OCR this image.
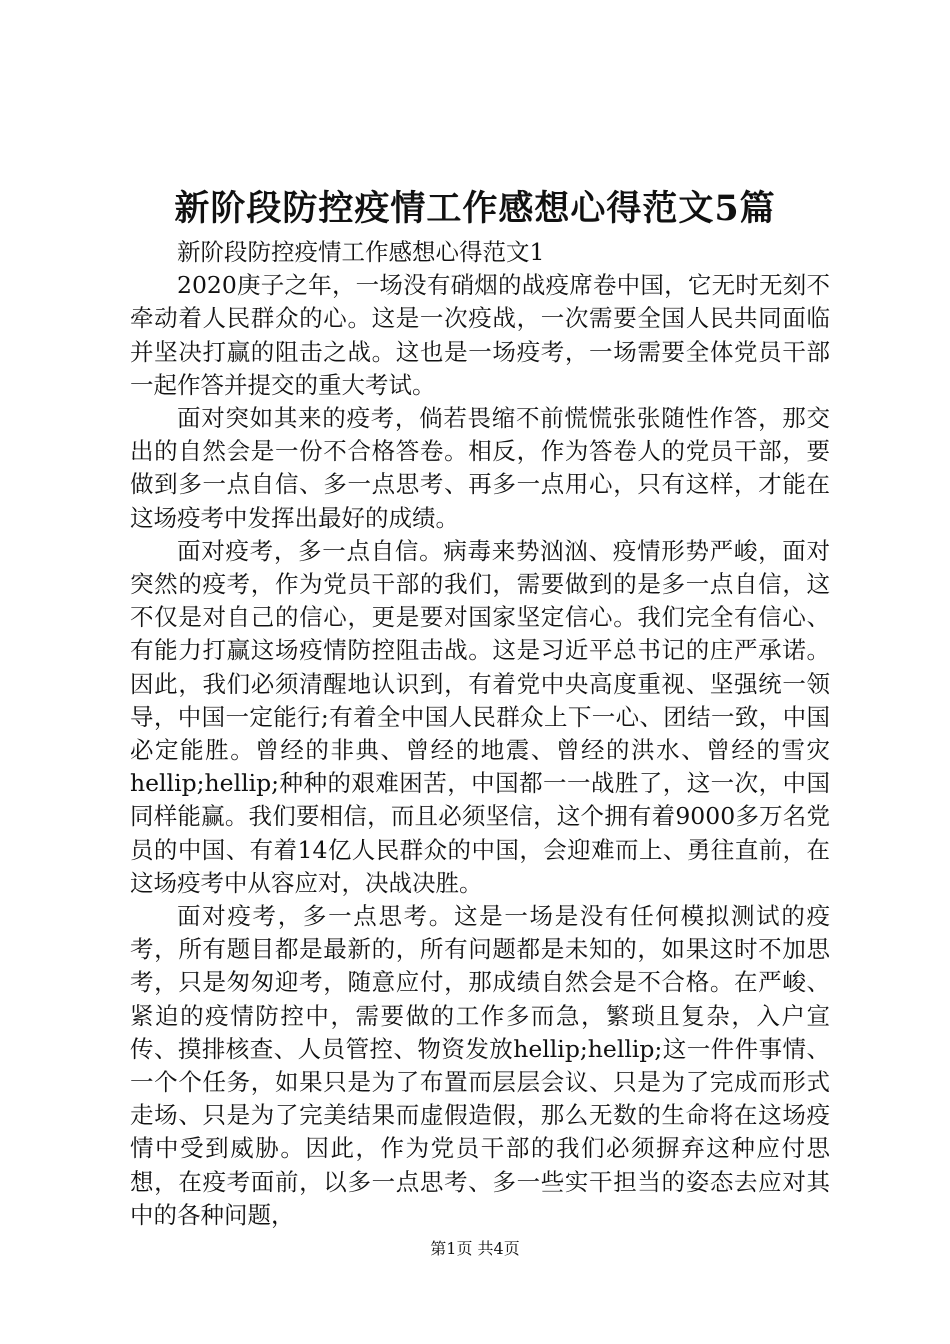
新阶段防控疫情工作感想心得范文5篇

新阶段防控疫情工作感想心得范文1

2020庚子之年，一场没有硝烟的战疫席卷中国，它无时无刻不牵动着人民群众的心。这是一次疫战，一次需要全国人民共同面临并坚决打赢的阻击之战。这也是一场疫考，一场需要全体党员干部一起作答并提交的重大考试。

面对突如其来的疫考，倘若畏缩不前慌慌张张随性作答，那交出的自然会是一份不合格答卷。相反，作为答卷人的党员干部，要做到多一点自信、多一点思考、再多一点用心，只有这样，才能在这场疫考中发挥出最好的成绩。

面对疫考，多一点自信。病毒来势汹汹、疫情形势严峻，面对突然的疫考，作为党员干部的我们，需要做到的是多一点自信，这不仅是对自己的信心，更是要对国家坚定信心。我们完全有信心、有能力打赢这场疫情防控阻击战。这是习近平总书记的庄严承诺。因此，我们必须清醒地认识到，有着党中央高度重视、坚强统一领导，中国一定能行;有着全中国人民群众上下一心、团结一致，中国必定能胜。曾经的非典、曾经的地震、曾经的洪水、曾经的雪灾hellip;hellip;种种的艰难困苦，中国都一一战胜了，这一次，中国同样能赢。我们要相信，而且必须坚信，这个拥有着9000多万名党员的中国、有着14亿人民群众的中国，会迎难而上、勇往直前，在这场疫考中从容应对，决战决胜。

面对疫考，多一点思考。这是一场是没有任何模拟测试的疫考，所有题目都是最新的，所有问题都是未知的，如果这时不加思考，只是匆匆迎考，随意应付，那成绩自然会是不合格。在严峻、紧迫的疫情防控中，需要做的工作多而急，繁琐且复杂，入户宣传、摸排核查、人员管控、物资发放hellip;hellip;这一件件事情、一个个任务，如果只是为了布置而层层会议、只是为了完成而形式走场、只是为了完美结果而虚假造假，那么无数的生命将在这场疫情中受到威胁。因此，作为党员干部的我们必须摒弃这种应付思想，在疫考面前，以多一点思考、多一些实干担当的姿态去应对其中的各种问题，

第1页 共4页
